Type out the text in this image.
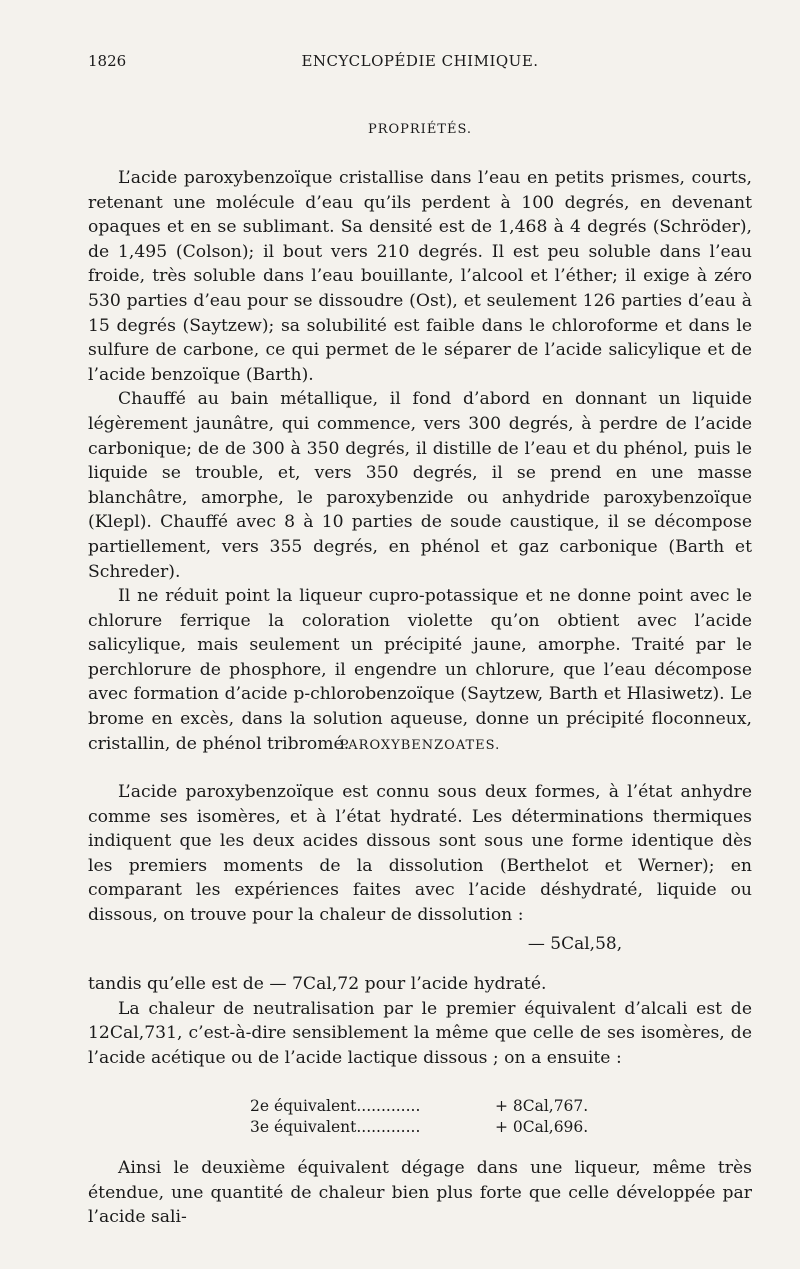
1826	ENCYCLOPÉDIE CHIMIQUE.
PROPRIÉTÉS.

L’acide paroxybenzoïque cristallise dans l’eau en petits prismes, courts, retenant une molécule d’eau qu’ils perdent à 100 degrés, en devenant opaques et en se sublimant. Sa densité est de 1,468 à 4 degrés (Schröder), de 1,495 (Colson); il bout vers 210 degrés. Il est peu soluble dans l’eau froide, très soluble dans l’eau bouillante, l’alcool et l’éther; il exige à zéro 530 parties d’eau pour se dissoudre (Ost), et seulement 126 parties d’eau à 15 degrés (Saytzew); sa solubilité est faible dans le chloroforme et dans le sulfure de carbone, ce qui permet de le séparer de l’acide salicylique et de l’acide benzoïque (Barth).

Chauffé au bain métallique, il fond d’abord en donnant un liquide légèrement jaunâtre, qui commence, vers 300 degrés, à perdre de l’acide carbonique; de de 300 à 350 degrés, il distille de l’eau et du phénol, puis le liquide se trouble, et, vers 350 degrés, il se prend en une masse blanchâtre, amorphe, le paroxybenzide ou anhydride paroxybenzoïque (Klepl). Chauffé avec 8 à 10 parties de soude caustique, il se décompose partiellement, vers 355 degrés, en phénol et gaz carbonique (Barth et Schreder).

Il ne réduit point la liqueur cupro-potassique et ne donne point avec le chlorure ferrique la coloration violette qu’on obtient avec l’acide salicylique, mais seulement un précipité jaune, amorphe. Traité par le perchlorure de phosphore, il engendre un chlorure, que l’eau décompose avec formation d’acide p-chlorobenzoïque (Saytzew, Barth et Hlasiwetz). Le brome en excès, dans la solution aqueuse, donne un précipité floconneux, cristallin, de phénol tribromé.

PAROXYBENZOATES.

L’acide paroxybenzoïque est connu sous deux formes, à l’état anhydre comme ses isomères, et à l’état hydraté. Les déterminations thermiques indiquent que les deux acides dissous sont sous une forme identique dès les premiers moments de la dissolution (Berthelot et Werner); en comparant les expériences faites avec l’acide déshydraté, liquide ou dissous, on trouve pour la chaleur de dissolution :

— 5Cal,58,

tandis qu’elle est de — 7Cal,72 pour l’acide hydraté.

La chaleur de neutralisation par le premier équivalent d’alcali est de 12Cal,731, c’est-à-dire sensiblement la même que celle de ses isomères, de l’acide acétique ou de l’acide lactique dissous ; on a ensuite :

2e équivalent.............	+ 8Cal,767.
3e équivalent.............	+ 0Cal,696.

Ainsi le deuxième équivalent dégage dans une liqueur, même très étendue, une quantité de chaleur bien plus forte que celle développée par l’acide sali-
